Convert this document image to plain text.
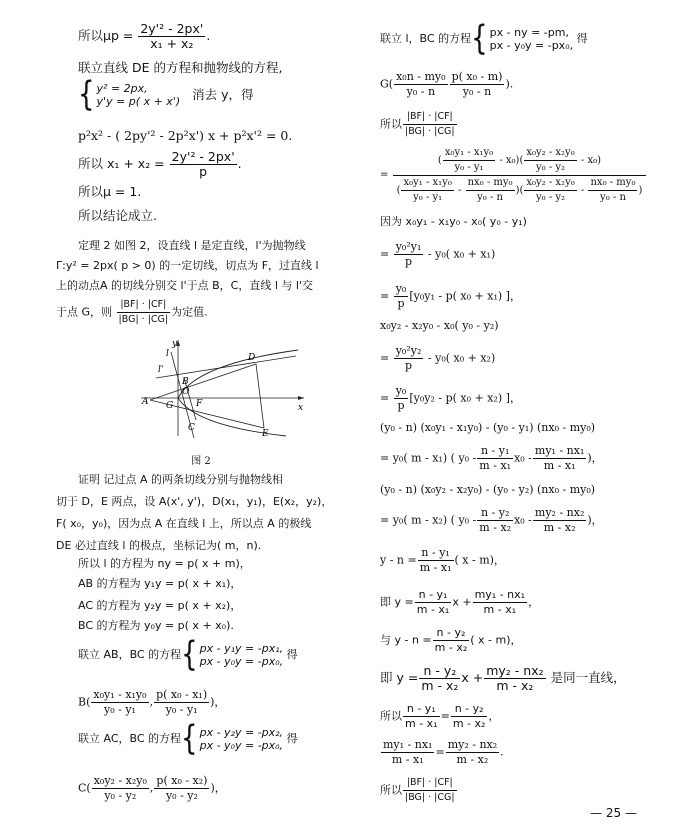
所以$\mu p = \frac{\text{2y'² - 2px'}}{\text{x₁ + x₂}}$ .
联立直线 DE 的方程和抛物线的方程,
{ y² = 2px,
y'y = p( x + x') 消去 y，得
p²x² - ( 2py'² - 2p²x') x + p²x'² = 0.
所以 $x_1 + x_2 = \frac{\text{2y'² - 2px'}}{p}$ .
所以μ = 1.
所以结论成立.
定理 2 如图 2，设直线 l 是定直线，l'为抛物线
Γ:y² = 2px( p > 0) 的一定切线，切点为 F，过直线 l
上的动点A 的切线分别交 l'于点 B，C，直线 l 与 l'交
于点 G，则 $\frac{|BF| \cdot |CF|}{|BG| \cdot |CG|}$ 为定值.
y
x
l'
l	D
B
O
A G	F
C
E
图 2
证明 记过点 A 的两条切线分别与抛物线相
切于 D，E 两点，设 A(x', y')，D(x₁，y₁)，E(x₂，y₂)，
F( x₀，y₀)，因为点 A 在直线 l 上，所以点 A 的极线
DE 必过直线 l 的极点，坐标记为( m，n).
所以 l 的方程为 ny = p( x + m)，
AB 的方程为 y₁y = p( x + x₁)，
AC 的方程为 y₂y = p( x + x₂)，
BC 的方程为 y₀y = p( x + x₀).
联立 AB，BC 的方程{ px - y₁y = -px₁,
px - y₀y = -px₀,
得
$B( \frac{\text{x₀y₁ - x₁y₀}}{\text{y₀ - y₁}}$ , $\frac{\text{p( x₀ - x₁)}}{\text{y₀ - y₁}}$ )，
联立 AC，BC 的方程{ px - y₂y = -px₂,
px - y₀y = -px₀,
得
$C( \frac{\text{x₀y₂ - x₂y₀}}{\text{y₀ - y₂}}$ , $\frac{\text{p( x₀ - x₂)}}{\text{y₀ - y₂}}$ )，
联立 l，BC 的方程{ px - ny = -pm,
px - y₀y = -px₀,
得
$G( \frac{\text{x₀n - my₀}}{\text{y₀ - n}} \frac{\text{p( x₀ - m)}}{\text{y₀ - n}}$ ).
所以 $\frac{|BF| \cdot |CF|}{|BG| \cdot |CG|}$
=
( $\frac{\text{x₀y₁ - x₁y₀}}{\text{y₀ - y₁}} - x_0)( \frac{\text{x₀y₂ - x₂y₀}}{\text{y₀ - y₂}} - x_0)$
( $\frac{\text{x₀y₁ - x₁y₀}}{\text{y₀ - y₁}} - \frac{\text{nx₀ - my₀}}{\text{y₀ - n}}$ )( $\frac{\text{x₀y₂ - x₂y₀}}{\text{y₀ - y₂}} - \frac{\text{nx₀ - my₀}}{\text{y₀ - n}}$ )
因为 x₀y₁ - x₁y₀ - x₀( y₀ - y₁)
= $\frac{\text{y₀²y₁}}{p} - y_0$( x₀ + x₁)
= $\frac{\text{y₀}}{p} [y_0y_1 - p$( x₀ + x₁) ]，
x₀y₂ - x₂y₀ - x₀( y₀ - y₂)
= $\frac{\text{y₀²y₂}}{p} - y_0$( x₀ + x₂)
= $\frac{\text{y₀}}{p} [y_0y_2 - p$( x₀ + x₂) ]，
(y₀ - n) (x₀y₁ - x₁y₀) - (y₀ - y₁) (nx₀ - my₀)
= y₀( m - x₁) ( $y_0 - \frac{\text{n - y₁}}{\text{m - x₁}} x_0 - \frac{\text{my₁ - nx₁}}{\text{m - x₁}}$ )，
(y₀ - n) (x₀y₂ - x₂y₀) - (y₀ - y₂) (nx₀ - my₀)
= y₀( m - x₂) ( $y_0 - \frac{\text{n - y₂}}{\text{m - x₂}} x_0 - \frac{\text{my₂ - nx₂}}{\text{m - x₂}}$ )，
$y - n = \frac{\text{n - y₁}}{\text{m - x₁}}$ ( x - m)，
即 $y = \frac{\text{n - y₁}}{\text{m - x₁}}$ $x + \frac{\text{my₁ - nx₁}}{\text{m - x₁}}$ ，
与 $y - n = \frac{\text{n - y₂}}{\text{m - x₂}}$ ( x - m)，
即 $y = \frac{\text{n - y₂}}{\text{m - x₂}}$ $x + \frac{\text{my₂ - nx₂}}{\text{m - x₂}}$ 是同一直线，
所以 $\frac{\text{n - y₁}}{\text{m - x₁}} = \frac{\text{n - y₂}}{\text{m - x₂}}$ ，
$\frac{\text{my₁ - nx₁}}{\text{m - x₁}} = \frac{\text{my₂ - nx₂}}{\text{m - x₂}}$ .
所以 $\frac{|BF| \cdot |CF|}{|BG| \cdot |CG|}$
— 25 —
